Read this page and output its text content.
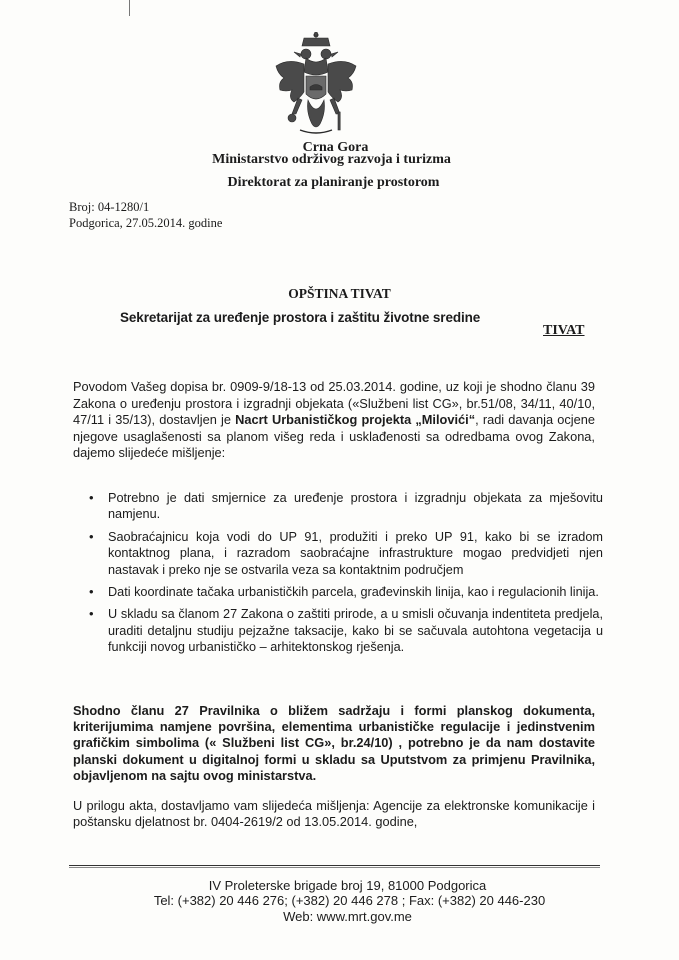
Crna Gora
Ministarstvo održivog razvoja i turizma
Direktorat za planiranje prostorom
Broj: 04-1280/1
Podgorica, 27.05.2014. godine
OPŠTINA TIVAT
Sekretarijat za uređenje prostora i zaštitu životne sredine
TIVAT
Povodom Vašeg dopisa br. 0909-9/18-13 od 25.03.2014. godine, uz koji je shodno članu 39 Zakona o uređenju prostora i izgradnji objekata («Službeni list CG», br.51/08, 34/11, 40/10, 47/11 i 35/13), dostavljen je Nacrt Urbanističkog projekta „Milovići“, radi davanja ocjene njegove usaglašenosti sa planom višeg reda i usklađenosti sa odredbama ovog Zakona, dajemo slijedeće mišljenje:
• Potrebno je dati smjernice za uređenje prostora i izgradnju objekata za mješovitu namjenu.
• Saobraćajnicu koja vodi do UP 91, produžiti i preko UP 91, kako bi se izradom kontaktnog plana, i razradom saobraćajne infrastrukture mogao predvidjeti njen nastavak i preko nje se ostvarila veza sa kontaktnim područjem
• Dati koordinate tačaka urbanističkih parcela, građevinskih linija, kao i regulacionih linija.
• U skladu sa članom 27 Zakona o zaštiti prirode, a u smisli očuvanja indentiteta predjela, uraditi detaljnu studiju pejzažne taksacije, kako bi se sačuvala autohtona vegetacija u funkciji novog urbanističko – arhitektonskog rješenja.
Shodno članu 27 Pravilnika o bližem sadržaju i formi planskog dokumenta, kriterijumima namjene površina, elementima urbanističke regulacije i jedinstvenim grafičkim simbolima (« Službeni list CG», br.24/10) , potrebno je da nam dostavite planski dokument u digitalnoj formi u skladu sa Uputstvom za primjenu Pravilnika, objavljenom na sajtu ovog ministarstva.
U prilogu akta, dostavljamo vam slijedeća mišljenja: Agencije za elektronske komunikacije i poštansku djelatnost br. 0404-2619/2 od 13.05.2014. godine,
IV Proleterske brigade broj 19, 81000 Podgorica
Tel: (+382) 20 446 276; (+382) 20 446 278 ; Fax: (+382) 20 446-230
Web: www.mrt.gov.me
